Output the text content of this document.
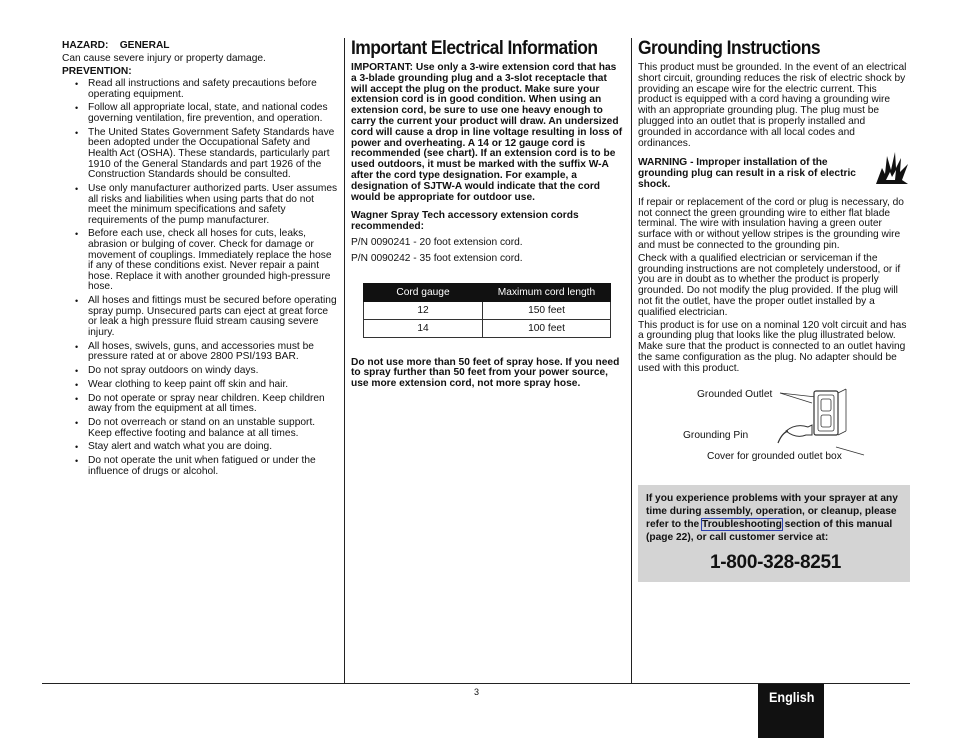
HAZARD:    GENERAL

Can cause severe injury or property damage.

PREVENTION:

• Read all instructions and safety precautions before operating equipment.
• Follow all appropriate local, state, and national codes governing ventilation, fire prevention, and operation.
• The United States Government Safety Standards have been adopted under the Occupational Safety and Health Act (OSHA). These standards, particularly part 1910 of the General Standards and part 1926 of the Construction Standards should be consulted.
• Use only manufacturer authorized parts. User assumes all risks and liabilities when using parts that do not meet the minimum specifications and safety requirements of the pump manufacturer.
• Before each use, check all hoses for cuts, leaks, abrasion or bulging of cover. Check for damage or movement of couplings. Immediately replace the hose if any of these conditions exist. Never repair a paint hose. Replace it with another grounded high-pressure hose.
• All hoses and fittings must be secured before operating spray pump. Unsecured parts can eject at great force or leak a high pressure fluid stream causing severe injury.
• All hoses, swivels, guns, and accessories must be pressure rated at or above 2800 PSI/193 BAR.
• Do not spray outdoors on windy days.
• Wear clothing to keep paint off skin and hair.
• Do not operate or spray near children. Keep children away from the equipment at all times.
• Do not overreach or stand on an unstable support. Keep effective footing and balance at all times.
• Stay alert and watch what you are doing.
• Do not operate the unit when fatigued or under the influence of drugs or alcohol.
Important Electrical Information

IMPORTANT: Use only a 3-wire extension cord that has a 3-blade grounding plug and a 3-slot receptacle that will accept the plug on the product. Make sure your extension cord is in good condition. When using an extension cord, be sure to use one heavy enough to carry the current your product will draw. An undersized cord will cause a drop in line voltage resulting in loss of power and overheating. A 14 or 12 gauge cord is recommended (see chart). If an extension cord is to be used outdoors, it must be marked with the suffix W-A after the cord type designation. For example, a designation of SJTW-A would indicate that the cord would be appropriate for outdoor use.

Wagner Spray Tech accessory extension cords recommended:

P/N 0090241 - 20 foot extension cord.

P/N 0090242 - 35 foot extension cord.

Cord gauge	Maximum cord length
12	150 feet
14	100 feet

Do not use more than 50 feet of spray hose. If you need to spray further than 50 feet from your power source, use more extension cord, not more spray hose.

Grounding Instructions

This product must be grounded. In the event of an electrical short circuit, grounding reduces the risk of electric shock by providing an escape wire for the electric current. This product is equipped with a cord having a grounding wire with an appropriate grounding plug. The plug must be plugged into an outlet that is properly installed and grounded in accordance with all local codes and ordinances.

WARNING - Improper installation of the grounding plug can result in a risk of electric shock.

If repair or replacement of the cord or plug is necessary, do not connect the green grounding wire to either flat blade terminal. The wire with insulation having a green outer surface with or without yellow stripes is the grounding wire and must be connected to the grounding pin.

Check with a qualified electrician or serviceman if the grounding instructions are not completely understood, or if you are in doubt as to whether the product is properly grounded. Do not modify the plug provided. If the plug will not fit the outlet, have the proper outlet installed by a qualified electrician.

This product is for use on a nominal 120 volt circuit and has a grounding plug that looks like the plug illustrated below. Make sure that the product is connected to an outlet having the same configuration as the plug. No adapter should be used with this product.

Grounded Outlet
Grounding Pin
Cover for grounded outlet box

If you experience problems with your sprayer at any time during assembly, operation, or cleanup, please refer to the Troubleshooting section of this manual (page 22), or call customer service at:

1-800-328-8251
3	English
